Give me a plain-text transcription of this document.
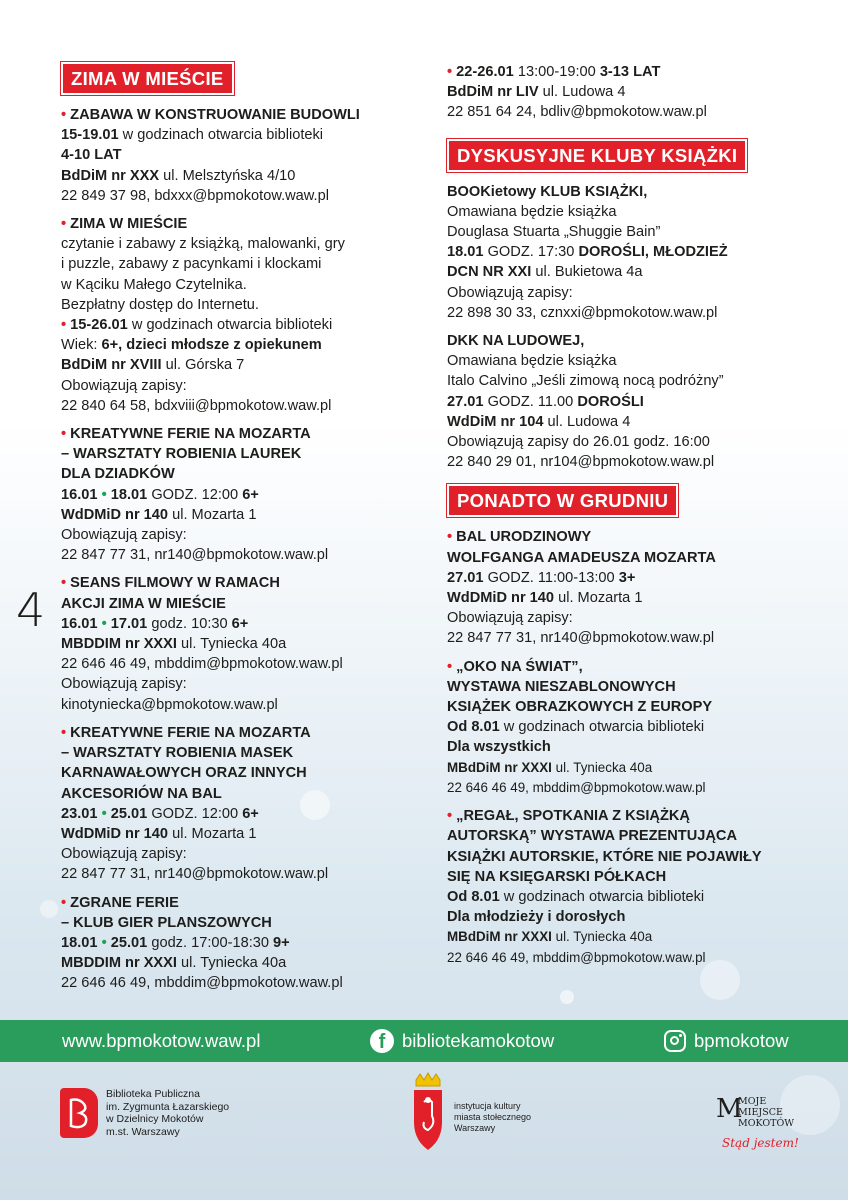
4
ZIMA W MIEŚCIE
• ZABAWA W KONSTRUOWANIE BUDOWLI
15-19.01 w godzinach otwarcia biblioteki
4-10 LAT
BdDiM nr XXX ul. Melsztyńska 4/10
22 849 37 98, bdxxx@bpmokotow.waw.pl
• ZIMA W MIEŚCIE
czytanie i zabawy z książką, malowanki, gry
i puzzle, zabawy z pacynkami i klockami
w Kąciku Małego Czytelnika.
Bezpłatny dostęp do Internetu.
• 15-26.01 w godzinach otwarcia biblioteki
Wiek: 6+, dzieci młodsze z opiekunem
BdDiM nr XVIII ul. Górska 7
Obowiązują zapisy:
22 840 64 58, bdxviii@bpmokotow.waw.pl
• KREATYWNE FERIE NA MOZARTA
– WARSZTATY ROBIENIA LAUREK
DLA DZIADKÓW
16.01 • 18.01 GODZ. 12:00 6+
WdDMiD nr 140 ul. Mozarta 1
Obowiązują zapisy:
22 847 77 31, nr140@bpmokotow.waw.pl
• SEANS FILMOWY W RAMACH
AKCJI ZIMA W MIEŚCIE
16.01 • 17.01 godz. 10:30 6+
MBDDIM nr XXXI ul. Tyniecka 40a
22 646 46 49, mbddim@bpmokotow.waw.pl
Obowiązują zapisy:
kinotyniecka@bpmokotow.waw.pl
• KREATYWNE FERIE NA MOZARTA
– WARSZTATY ROBIENIA MASEK
KARNAWAŁOWYCH ORAZ INNYCH
AKCESORIÓW NA BAL
23.01 • 25.01 GODZ. 12:00 6+
WdDMiD nr 140 ul. Mozarta 1
Obowiązują zapisy:
22 847 77 31, nr140@bpmokotow.waw.pl
• ZGRANE FERIE
– KLUB GIER PLANSZOWYCH
18.01 • 25.01 godz. 17:00-18:30 9+
MBDDIM nr XXXI ul. Tyniecka 40a
22 646 46 49, mbddim@bpmokotow.waw.pl
• 22-26.01 13:00-19:00 3-13 LAT
BdDiM nr LIV ul. Ludowa 4
22 851 64 24, bdliv@bpmokotow.waw.pl
DYSKUSYJNE KLUBY KSIĄŻKI
BOOKietowy KLUB KSIĄŻKI,
Omawiana będzie książka
Douglasa Stuarta „Shuggie Bain”
18.01 GODZ. 17:30 DOROŚLI, MŁODZIEŻ
DCN NR XXI ul. Bukietowa 4a
Obowiązują zapisy:
22 898 30 33, cznxxi@bpmokotow.waw.pl
DKK NA LUDOWEJ,
Omawiana będzie książka
Italo Calvino „Jeśli zimową nocą podróżny”
27.01 GODZ. 11.00 DOROŚLI
WdDiM nr 104 ul. Ludowa 4
Obowiązują zapisy do 26.01 godz. 16:00
22 840 29 01, nr104@bpmokotow.waw.pl
PONADTO W GRUDNIU
• BAL URODZINOWY
WOLFGANGA AMADEUSZA MOZARTA
27.01 GODZ. 11:00-13:00 3+
WdDMiD nr 140 ul. Mozarta 1
Obowiązują zapisy:
22 847 77 31, nr140@bpmokotow.waw.pl
• „OKO NA ŚWIAT”,
WYSTAWA NIESZABLONOWYCH
KSIĄŻEK OBRAZKOWYCH Z EUROPY
Od 8.01 w godzinach otwarcia biblioteki
Dla wszystkich
MBdDiM nr XXXI ul. Tyniecka 40a
22 646 46 49, mbddim@bpmokotow.waw.pl
• „REGAŁ, SPOTKANIA Z KSIĄŻKĄ
AUTORSKĄ” WYSTAWA PREZENTUJĄCA
KSIĄŻKI AUTORSKIE, KTÓRE NIE POJAWIŁY
SIĘ NA KSIĘGARSKI PÓŁKACH
Od 8.01 w godzinach otwarcia biblioteki
Dla młodzieży i dorosłych
MBdDiM nr XXXI ul. Tyniecka 40a
22 646 46 49, mbddim@bpmokotow.waw.pl
www.bpmokotow.waw.pl	f bibliotekamokotow	bpmokotow
Biblioteka Publiczna
im. Zygmunta Łazarskiego
w Dzielnicy Mokotów
m.st. Warszawy
instytucja kultury
miasta stołecznego
Warszawy
M
MOJE
MIEJSCE
MOKOTÓW
Stąd jestem!
